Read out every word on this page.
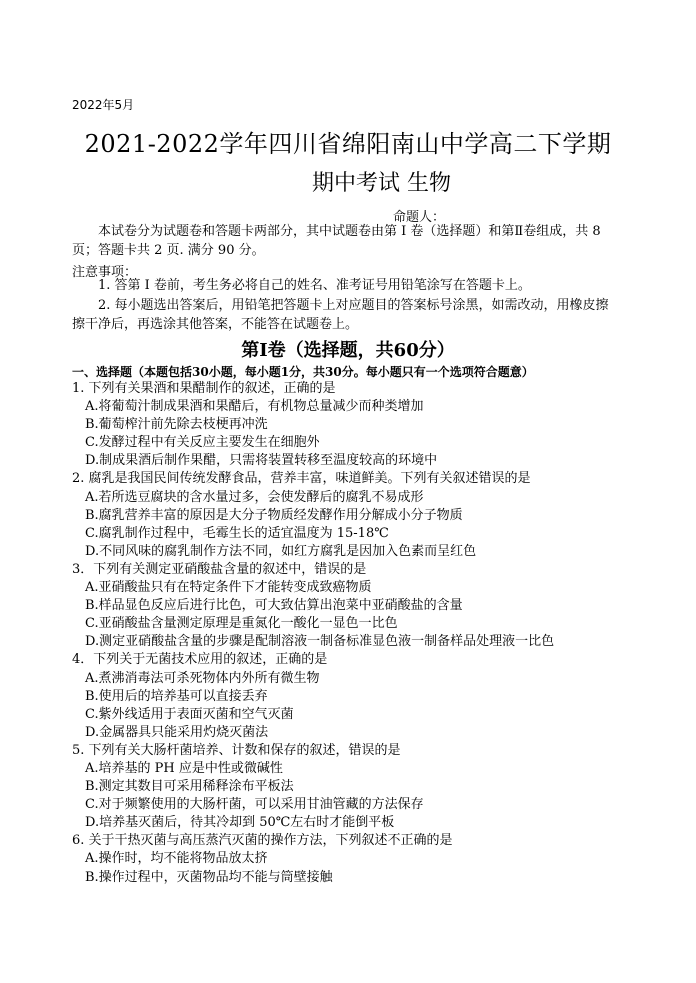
2022年5月
2021-2022学年四川省绵阳南山中学高二下学期
期中考试 生物
命题人：
本试卷分为试题卷和答题卡两部分，其中试题卷由第 I 卷（选择题）和第Ⅱ卷组成，共 8 页；答题卡共 2 页. 满分 90 分。
注意事项：
1. 答第 I 卷前，考生务必将自己的姓名、准考证号用铅笔涂写在答题卡上。
2. 每小题选出答案后，用铅笔把答题卡上对应题目的答案标号涂黑，如需改动，用橡皮擦擦干净后，再选涂其他答案，不能答在试题卷上。
第Ⅰ卷（选择题，共60分）
一、选择题（本题包括30小题，每小题1分，共30分。每小题只有一个选项符合题意）
1. 下列有关果酒和果醋制作的叙述，正确的是
A.将葡萄汁制成果酒和果醋后，有机物总量减少而种类增加
B.葡萄榨汁前先除去枝梗再冲洗
C.发酵过程中有关反应主要发生在细胞外
D.制成果酒后制作果醋，只需将装置转移至温度较高的环境中
2. 腐乳是我国民间传统发酵食品，营养丰富，味道鲜美。下列有关叙述错误的是
A.若所选豆腐块的含水量过多，会使发酵后的腐乳不易成形
B.腐乳营养丰富的原因是大分子物质经发酵作用分解成小分子物质
C.腐乳制作过程中，毛霉生长的适宜温度为 15-18℃
D.不同风味的腐乳制作方法不同，如红方腐乳是因加入色素而呈红色
3．下列有关测定亚硝酸盐含量的叙述中，错误的是
A.亚硝酸盐只有在特定条件下才能转变成致癌物质
B.样品显色反应后进行比色，可大致估算出泡菜中亚硝酸盐的含量
C.亚硝酸盐含量测定原理是重氮化一酸化一显色一比色
D.测定亚硝酸盐含量的步骤是配制溶液一制备标准显色液一制备样品处理液一比色
4．下列关于无菌技术应用的叙述，正确的是
A.煮沸消毒法可杀死物体内外所有微生物
B.使用后的培养基可以直接丢弃
C.紫外线适用于表面灭菌和空气灭菌
D.金属器具只能采用灼烧灭菌法
5. 下列有关大肠杆菌培养、计数和保存的叙述，错误的是
A.培养基的 PH 应是中性或微碱性
B.测定其数目可采用稀释涂布平板法
C.对于频繁使用的大肠杆菌，可以采用甘油管藏的方法保存
D.培养基灭菌后，待其冷却到 50℃左右时才能倒平板
6. 关于干热灭菌与高压蒸汽灭菌的操作方法，下列叙述不正确的是
A.操作时，均不能将物品放太挤
B.操作过程中，灭菌物品均不能与筒壁接触
